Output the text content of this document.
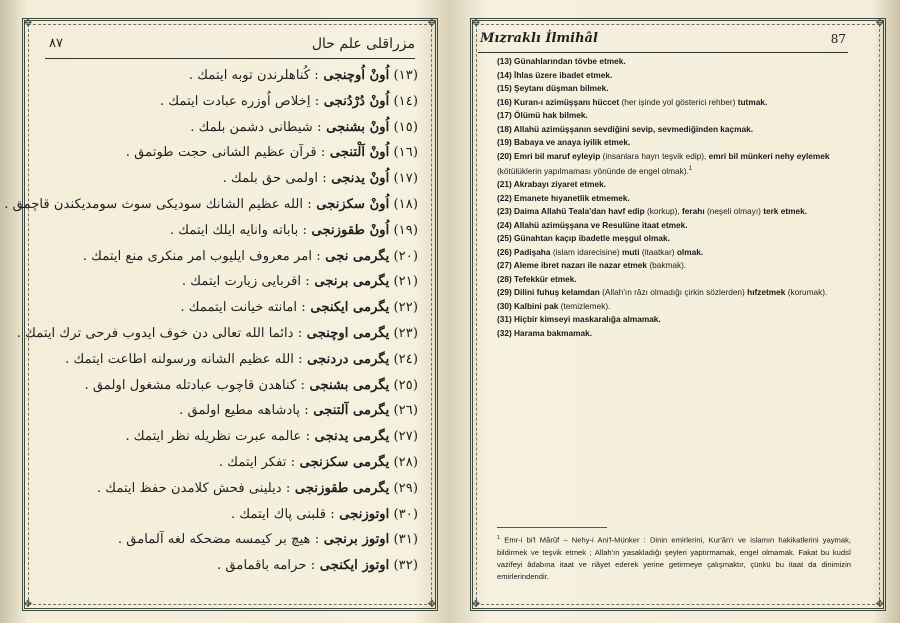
✥	✥
✥	✥
مزراقلی علم حال
٨٧
(١٣) اُونْ اُوچنجی : كُناهلرندن توبه ایتمك .
(١٤) اُونْ دُرْدُنجی : اِخلاص اُوزره عبادت ایتمك .
(١٥) اُونْ بشنجی : شیطانی دشمن بلمك .
(١٦) اُونْ اَلْتنجی : قرآن عظیم الشانی حجت طوتمق .
(١٧) اُونْ یدنجی : اولمی حق بلمك .
(١٨) اُونْ سكزنجی : الله عظیم الشانك سودیكی سوث سومدیكندن قاچمق .
(١٩) اُونْ طقوزنجی : باباته وانایه ایلك ایتمك .
(٢٠) یگرمی نجی : امر معروف ایلیوب امر منكری منع ایتمك .
(٢١) یگرمی برنجی : اقربایی زیارت ایتمك .
(٢٢) یگرمی ایكنجی : امانته خیانت ایتممك .
(٢٣) یگرمی اوچنجی : دائما الله تعالی دن خوف ایدوب فرحی ترك ایتمك .
(٢٤) یگرمی دردنجی : الله عظیم الشانه ورسولنه اطاعت ایتمك .
(٢٥) یگرمی بشنجی : كناهدن قاچوب عبادتله مشغول اولمق .
(٢٦) یگرمی آلتنجی : پادشاهه مطیع اولمق .
(٢٧) یگرمی یدنجی : عالمه عبرت نظریله نظر ایتمك .
(٢٨) یگرمی سكزنجی : تفكر ایتمك .
(٢٩) یگرمی طقوزنجی : دیلینی فحش كلامدن حفظ ایتمك .
(٣٠) اوتوزنجی : قلبنی پاك ایتمك .
(٣١) اوتوز برنجی : هیچ بر كیمسه مضحكه لغه آلمامق .
(٣٢) اوتوز ایكنجی : حرامه باقمامق .
✥	✥
✥	✥
Mızraklı İlmihâl	87
(13) Günahlarından tövbe etmek.
(14) İhlas üzere ibadet etmek.
(15) Şeytanı düşman bilmek.
(16) Kuran-ı azimüşşanı hüccet (her işinde yol gösterici rehber) tutmak.
(17) Ölümü hak bilmek.
(18) Allahü azimüşşanın sevdiğini sevip, sevmediğinden kaçmak.
(19) Babaya ve anaya iyilik etmek.
(20) Emri bil maruf eyleyip (insanlara hayrı teşvik edip), emri bil münkeri nehy eylemek (kötülüklerin yapılmaması yönünde de engel olmak).$^1$
(21) Akrabayı ziyaret etmek.
(22) Emanete hıyanetlik etmemek.
(23) Daima Allahü Teala'dan havf edip (korkup), ferahı (neşeli olmayı) terk etmek.
(24) Allahü azimüşşana ve Resulüne itaat etmek.
(25) Günahtan kaçıp ibadetle meşgul olmak.
(26) Padişaha (islam idarecisine) muti (itaatkar) olmak.
(27) Aleme ibret nazarı ile nazar etmek (bakmak).
(28) Tefekkür etmek.
(29) Dilini fuhuş kelamdan (Allah'ın râzı olmadığı çirkin sözlerden) hıfzetmek (korumak).
(30) Kalbini pak (temizlemek).
(31) Hiçbir kimseyi maskaralığa almamak.
(32) Harama bakmamak.
$^1$ Emr-i bi'l Mârûf – Nehy-i Ani'l-Münker : Dinin emirlerini, Kur'ân'ı ve islamın hakikatlerini yaymak, bildirmek ve teşvik etmek ; Allah'ın yasakladığı şeyleri yaptırmamak, engel olmamak. Fakat bu kudsî vazifeyi âdabına itaat ve riâyet ederek yerine getirmeye çalışmaktır, çünkü bu itaat da dinimizin emirlerindendir.
